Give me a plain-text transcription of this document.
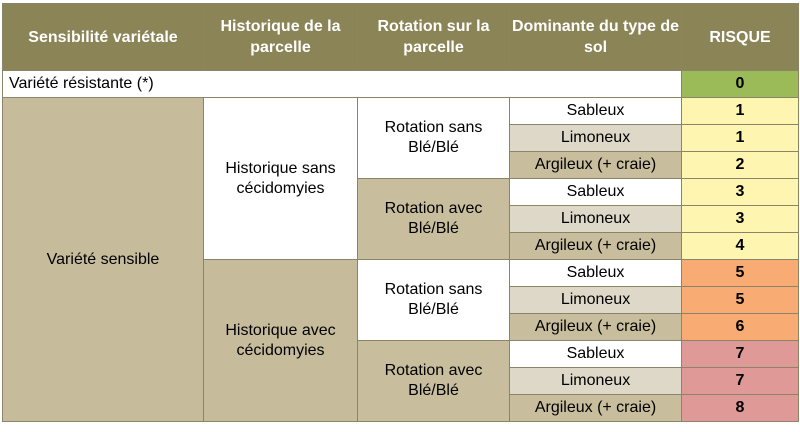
Sensibilité variétale	Historique de la parcelle	Rotation sur la parcelle	Dominante du type de sol	RISQUE
Variété résistante (*)				0
Variété sensible	Historique sans cécidomyies	Rotation sans Blé/Blé	Sableux	1
			Limoneux	1
			Argileux (+ craie)	2
		Rotation avec Blé/Blé	Sableux	3
			Limoneux	3
			Argileux (+ craie)	4
	Historique avec cécidomyies	Rotation sans Blé/Blé	Sableux	5
			Limoneux	5
			Argileux (+ craie)	6
		Rotation avec Blé/Blé	Sableux	7
			Limoneux	7
			Argileux (+ craie)	8
